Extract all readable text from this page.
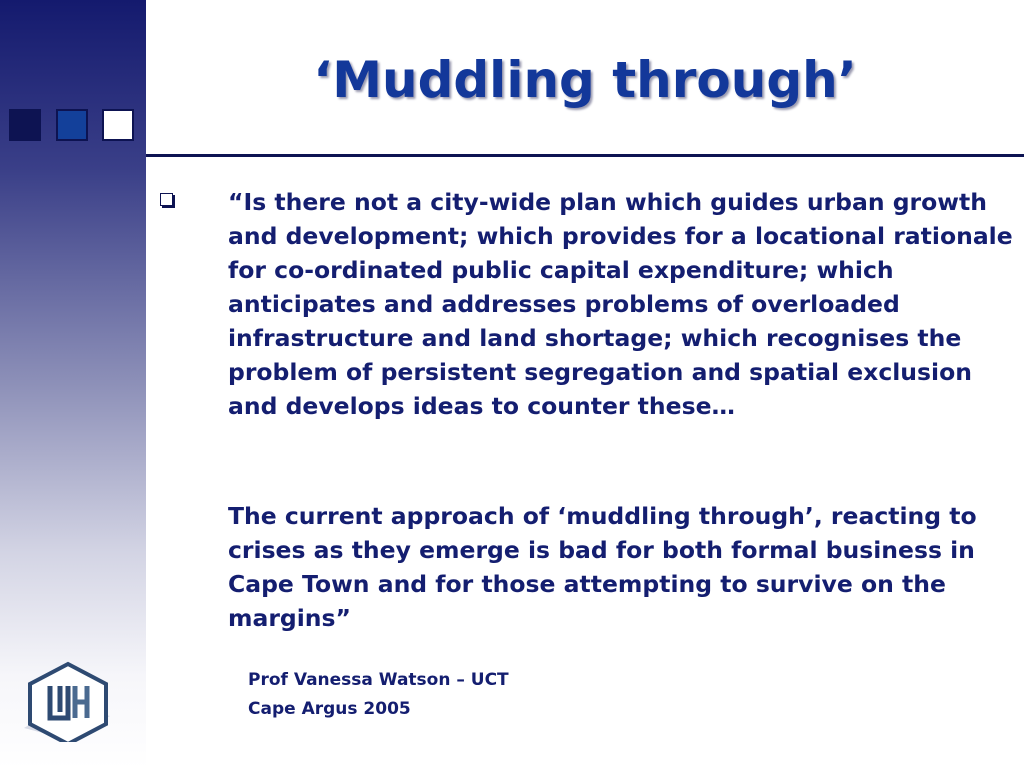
‘Muddling through’

“Is there not a city-wide plan which guides urban growth and development; which provides for a locational rationale for co-ordinated public capital expenditure; which anticipates and addresses problems of overloaded infrastructure and land shortage; which recognises the problem of persistent segregation and spatial exclusion and develops ideas to counter these…

The current approach of ‘muddling through’, reacting to crises as they emerge is bad for both formal business in Cape Town and for those attempting to survive on the margins”

Prof Vanessa Watson – UCT

Cape Argus 2005
